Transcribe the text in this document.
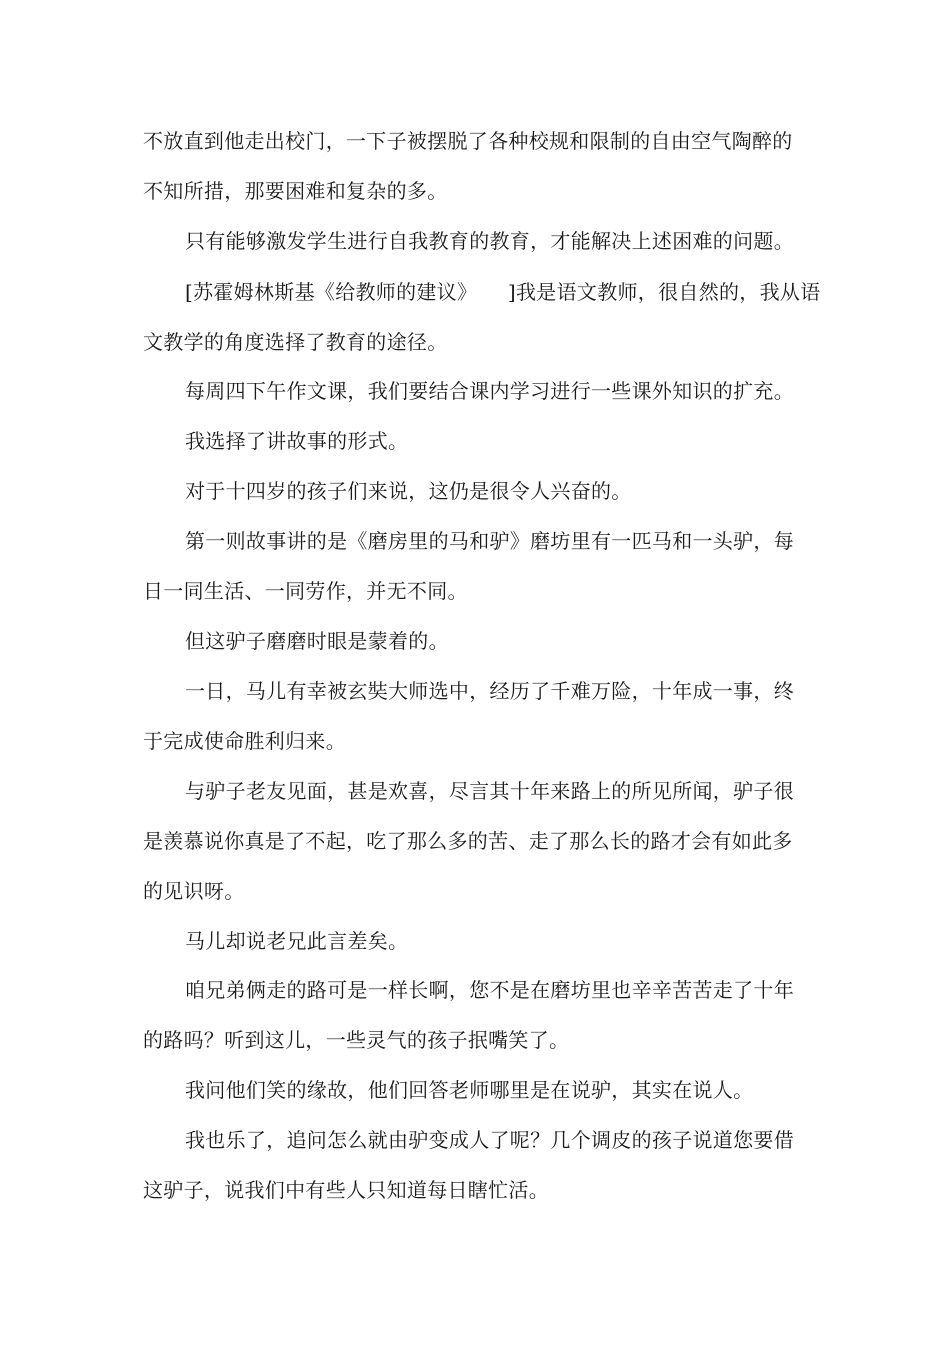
不放直到他走出校门，一下子被摆脱了各种校规和限制的自由空气陶醉的
不知所措，那要困难和复杂的多。
只有能够激发学生进行自我教育的教育，才能解决上述困难的问题。
[苏霍姆林斯基《给教师的建议》　　]我是语文教师，很自然的，我从语
文教学的角度选择了教育的途径。
每周四下午作文课，我们要结合课内学习进行一些课外知识的扩充。
我选择了讲故事的形式。
对于十四岁的孩子们来说，这仍是很令人兴奋的。
第一则故事讲的是《磨房里的马和驴》磨坊里有一匹马和一头驴，每
日一同生活、一同劳作，并无不同。
但这驴子磨磨时眼是蒙着的。
一日，马儿有幸被玄奘大师选中，经历了千难万险，十年成一事，终
于完成使命胜利归来。
与驴子老友见面，甚是欢喜，尽言其十年来路上的所见所闻，驴子很
是羡慕说你真是了不起，吃了那么多的苦、走了那么长的路才会有如此多
的见识呀。
马儿却说老兄此言差矣。
咱兄弟俩走的路可是一样长啊，您不是在磨坊里也辛辛苦苦走了十年
的路吗？听到这儿，一些灵气的孩子抿嘴笑了。
我问他们笑的缘故，他们回答老师哪里是在说驴，其实在说人。
我也乐了，追问怎么就由驴变成人了呢？几个调皮的孩子说道您要借
这驴子，说我们中有些人只知道每日瞎忙活。
